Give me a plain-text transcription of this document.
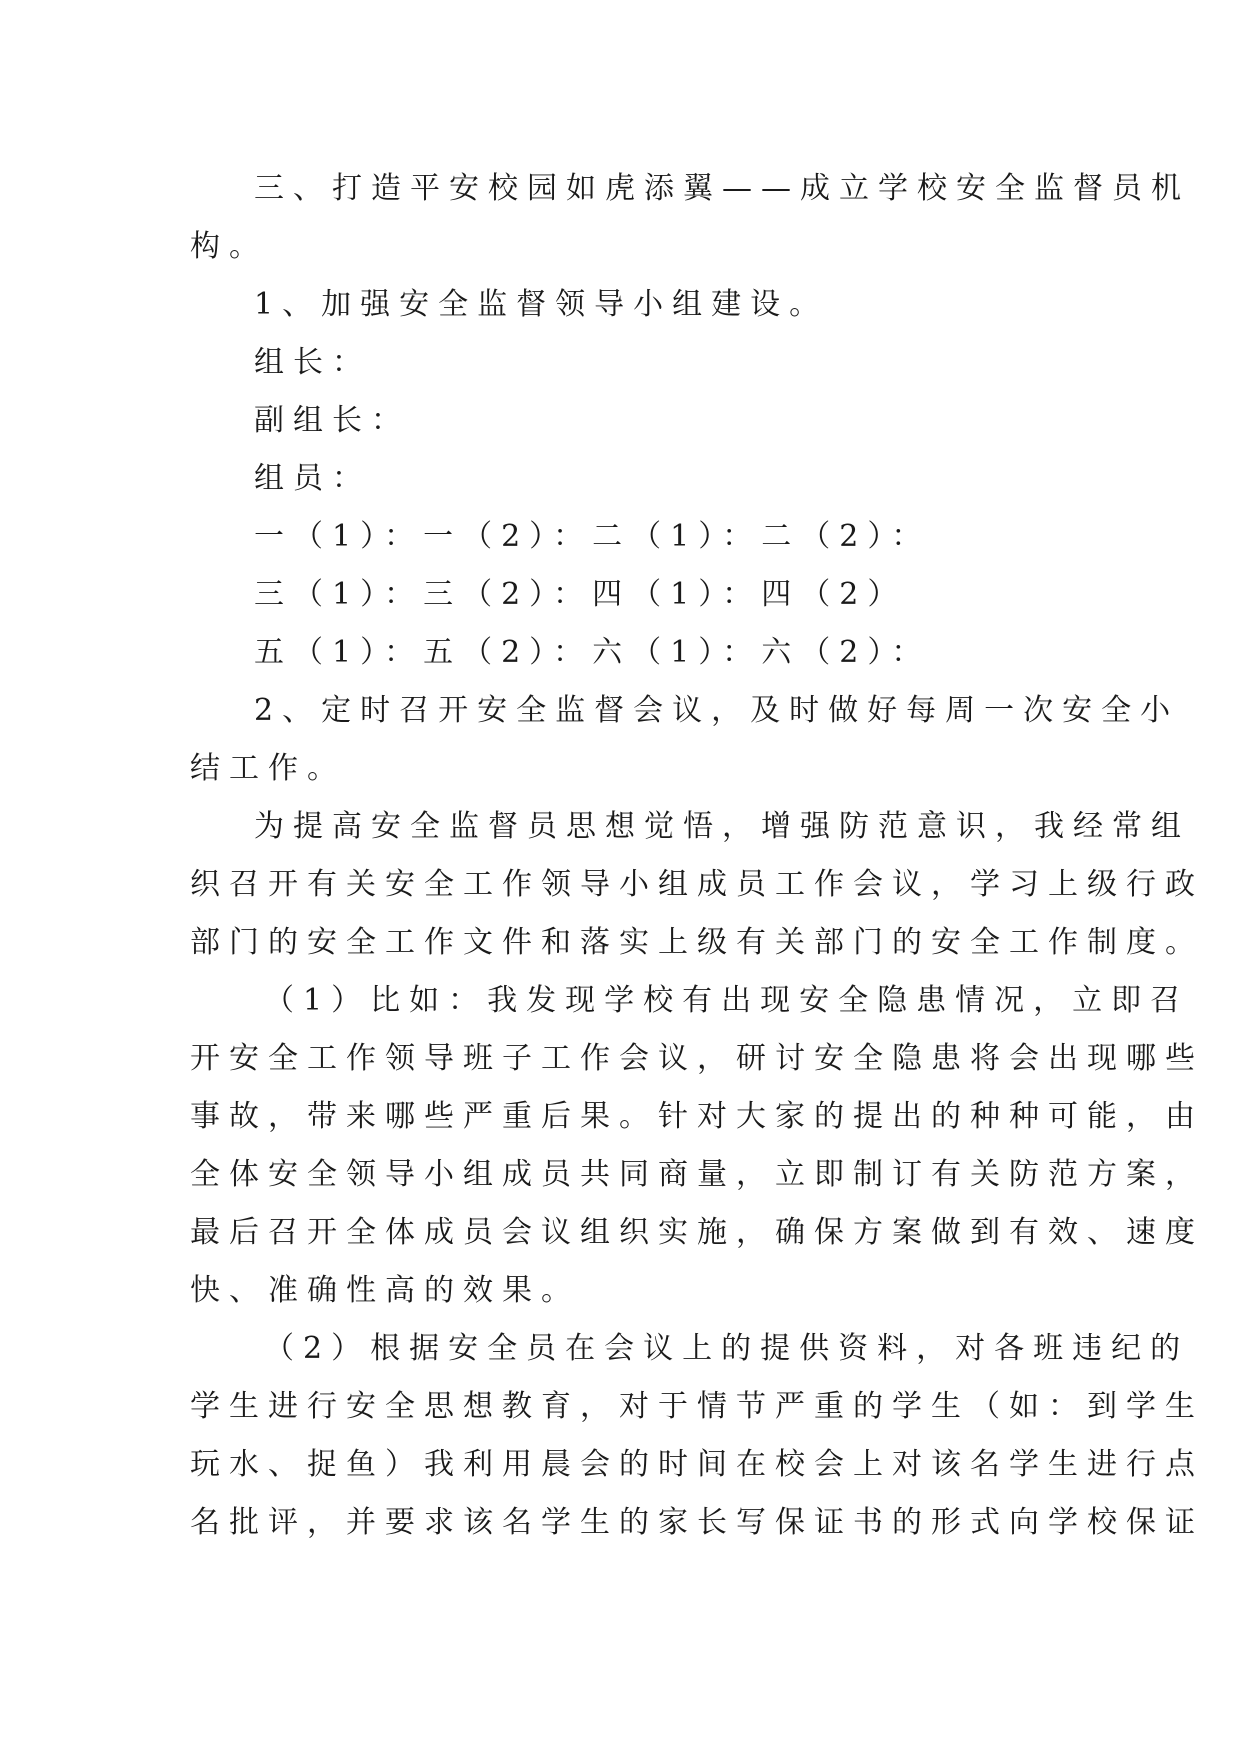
三、打造平安校园如虎添翼——成立学校安全监督员机
构。
1、加强安全监督领导小组建设。
组长：
副组长：
组员：
一（1）：一（2）：二（1）：二（2）：
三（1）：三（2）：四（1）：四（2）
五（1）：五（2）：六（1）：六（2）：
2、定时召开安全监督会议，及时做好每周一次安全小
结工作。
为提高安全监督员思想觉悟，增强防范意识，我经常组
织召开有关安全工作领导小组成员工作会议，学习上级行政
部门的安全工作文件和落实上级有关部门的安全工作制度。
（1）比如：我发现学校有出现安全隐患情况，立即召
开安全工作领导班子工作会议，研讨安全隐患将会出现哪些
事故，带来哪些严重后果。针对大家的提出的种种可能，由
全体安全领导小组成员共同商量，立即制订有关防范方案，
最后召开全体成员会议组织实施，确保方案做到有效、速度
快、准确性高的效果。
（2）根据安全员在会议上的提供资料，对各班违纪的
学生进行安全思想教育，对于情节严重的学生（如：到学生
玩水、捉鱼）我利用晨会的时间在校会上对该名学生进行点
名批评，并要求该名学生的家长写保证书的形式向学校保证
